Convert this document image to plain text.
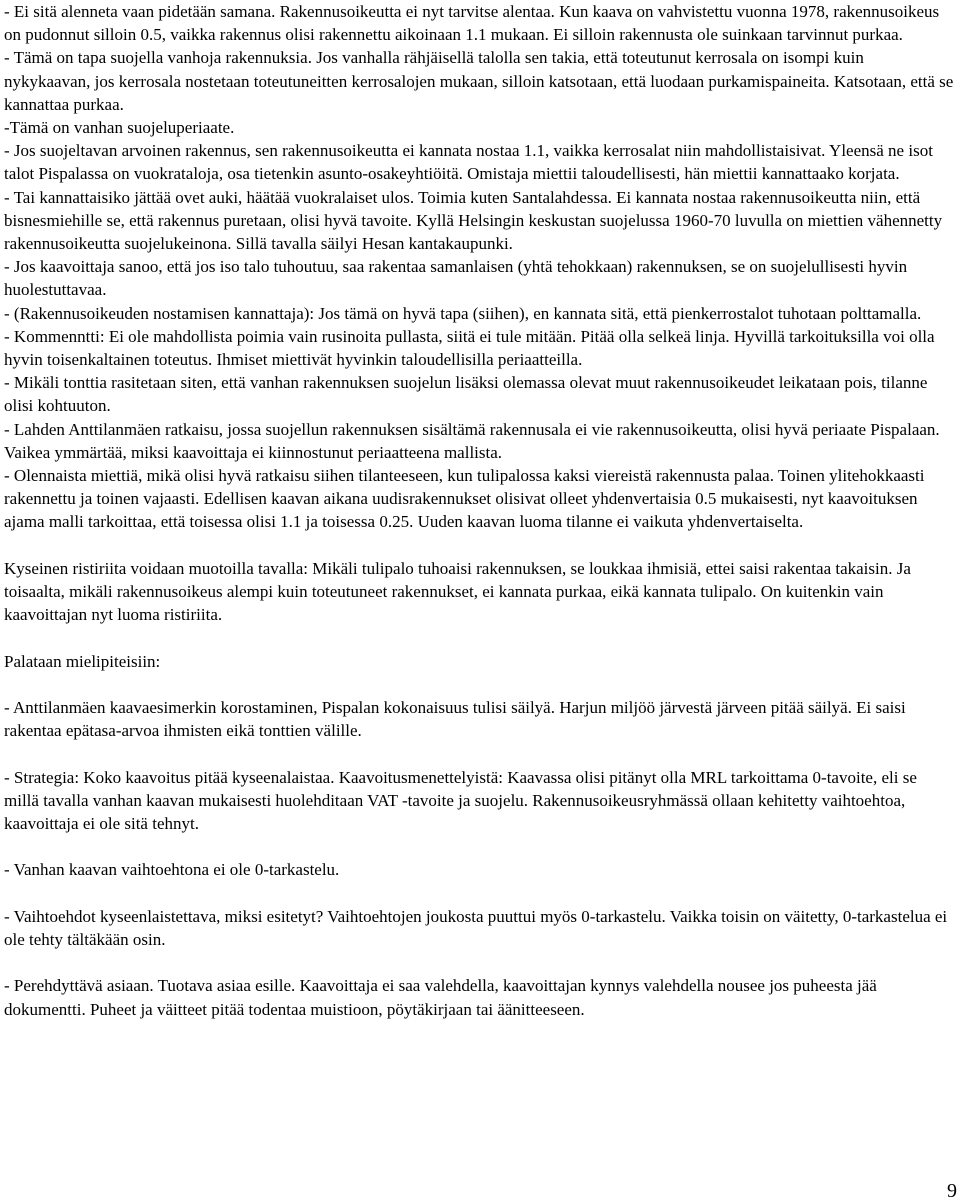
- Ei sitä alenneta vaan pidetään samana. Rakennusoikeutta ei nyt tarvitse alentaa. Kun kaava on vahvistettu vuonna 1978, rakennusoikeus on pudonnut silloin 0.5, vaikka rakennus olisi rakennettu aikoinaan 1.1 mukaan. Ei silloin rakennusta ole suinkaan tarvinnut purkaa.

- Tämä on tapa suojella vanhoja rakennuksia. Jos vanhalla rähjäisellä talolla sen takia, että toteutunut kerrosala on isompi kuin nykykaavan, jos kerrosala nostetaan toteutuneitten kerrosalojen mukaan, silloin katsotaan, että luodaan purkamispaineita. Katsotaan, että se kannattaa purkaa.

-Tämä on vanhan suojeluperiaate.

- Jos suojeltavan arvoinen rakennus, sen rakennusoikeutta ei kannata nostaa 1.1, vaikka kerrosalat niin mahdollistaisivat. Yleensä ne isot talot Pispalassa on vuokrataloja, osa tietenkin asunto-osakeyhtiöitä. Omistaja miettii taloudellisesti, hän miettii kannattaako korjata.

- Tai kannattaisiko jättää ovet auki, häätää vuokralaiset ulos. Toimia kuten Santalahdessa. Ei kannata nostaa rakennusoikeutta niin, että bisnesmiehille se, että rakennus puretaan, olisi hyvä tavoite. Kyllä Helsingin keskustan suojelussa 1960-70 luvulla on miettien vähennetty rakennusoikeutta suojelukeinona. Sillä tavalla säilyi Hesan kantakaupunki.

- Jos kaavoittaja sanoo, että jos iso talo tuhoutuu, saa rakentaa samanlaisen (yhtä tehokkaan) rakennuksen, se on suojelullisesti hyvin huolestuttavaa.

- (Rakennusoikeuden nostamisen kannattaja): Jos tämä on hyvä tapa (siihen), en kannata sitä, että pienkerrostalot tuhotaan polttamalla.

- Kommenntti: Ei ole mahdollista poimia vain rusinoita pullasta, siitä ei tule mitään. Pitää olla selkeä linja. Hyvillä tarkoituksilla voi olla hyvin toisenkaltainen toteutus. Ihmiset miettivät hyvinkin taloudellisilla periaatteilla.

- Mikäli tonttia rasitetaan siten, että vanhan rakennuksen suojelun lisäksi olemassa olevat muut rakennusoikeudet leikataan pois, tilanne olisi kohtuuton.

- Lahden Anttilanmäen ratkaisu, jossa suojellun rakennuksen sisältämä rakennusala ei vie rakennusoikeutta, olisi hyvä periaate Pispalaan. Vaikea ymmärtää, miksi kaavoittaja ei kiinnostunut periaatteena mallista.

- Olennaista miettiä, mikä olisi hyvä ratkaisu siihen tilanteeseen, kun tulipalossa kaksi viereistä rakennusta palaa. Toinen ylitehokkaasti rakennettu ja toinen vajaasti. Edellisen kaavan aikana uudisrakennukset olisivat olleet yhdenvertaisia 0.5 mukaisesti, nyt kaavoituksen ajama malli tarkoittaa, että toisessa olisi 1.1 ja toisessa 0.25. Uuden kaavan luoma tilanne ei vaikuta yhdenvertaiselta.

Kyseinen ristiriita voidaan muotoilla tavalla: Mikäli tulipalo tuhoaisi rakennuksen, se loukkaa ihmisiä, ettei saisi rakentaa takaisin. Ja toisaalta, mikäli rakennusoikeus alempi kuin toteutuneet rakennukset, ei kannata purkaa, eikä kannata tulipalo. On kuitenkin vain kaavoittajan nyt luoma ristiriita.

Palataan mielipiteisiin:

- Anttilanmäen kaavaesimerkin korostaminen, Pispalan kokonaisuus tulisi säilyä. Harjun miljöö järvestä järveen pitää säilyä. Ei saisi rakentaa epätasa-arvoa ihmisten eikä tonttien välille.

- Strategia: Koko kaavoitus pitää kyseenalaistaa. Kaavoitusmenettelyistä: Kaavassa olisi pitänyt olla MRL tarkoittama 0-tavoite, eli se millä tavalla vanhan kaavan mukaisesti huolehditaan VAT -tavoite ja suojelu. Rakennusoikeusryhmässä ollaan kehitetty vaihtoehtoa, kaavoittaja ei ole sitä tehnyt.

- Vanhan kaavan vaihtoehtona ei ole 0-tarkastelu.

- Vaihtoehdot kyseenlaistettava, miksi esitetyt? Vaihtoehtojen joukosta puuttui myös 0-tarkastelu. Vaikka toisin on väitetty, 0-tarkastelua ei ole tehty tältäkään osin.

- Perehdyttävä asiaan. Tuotava asiaa esille. Kaavoittaja ei saa valehdella, kaavoittajan kynnys valehdella nousee jos puheesta jää dokumentti. Puheet ja väitteet pitää todentaa muistioon, pöytäkirjaan tai äänitteeseen.

9
